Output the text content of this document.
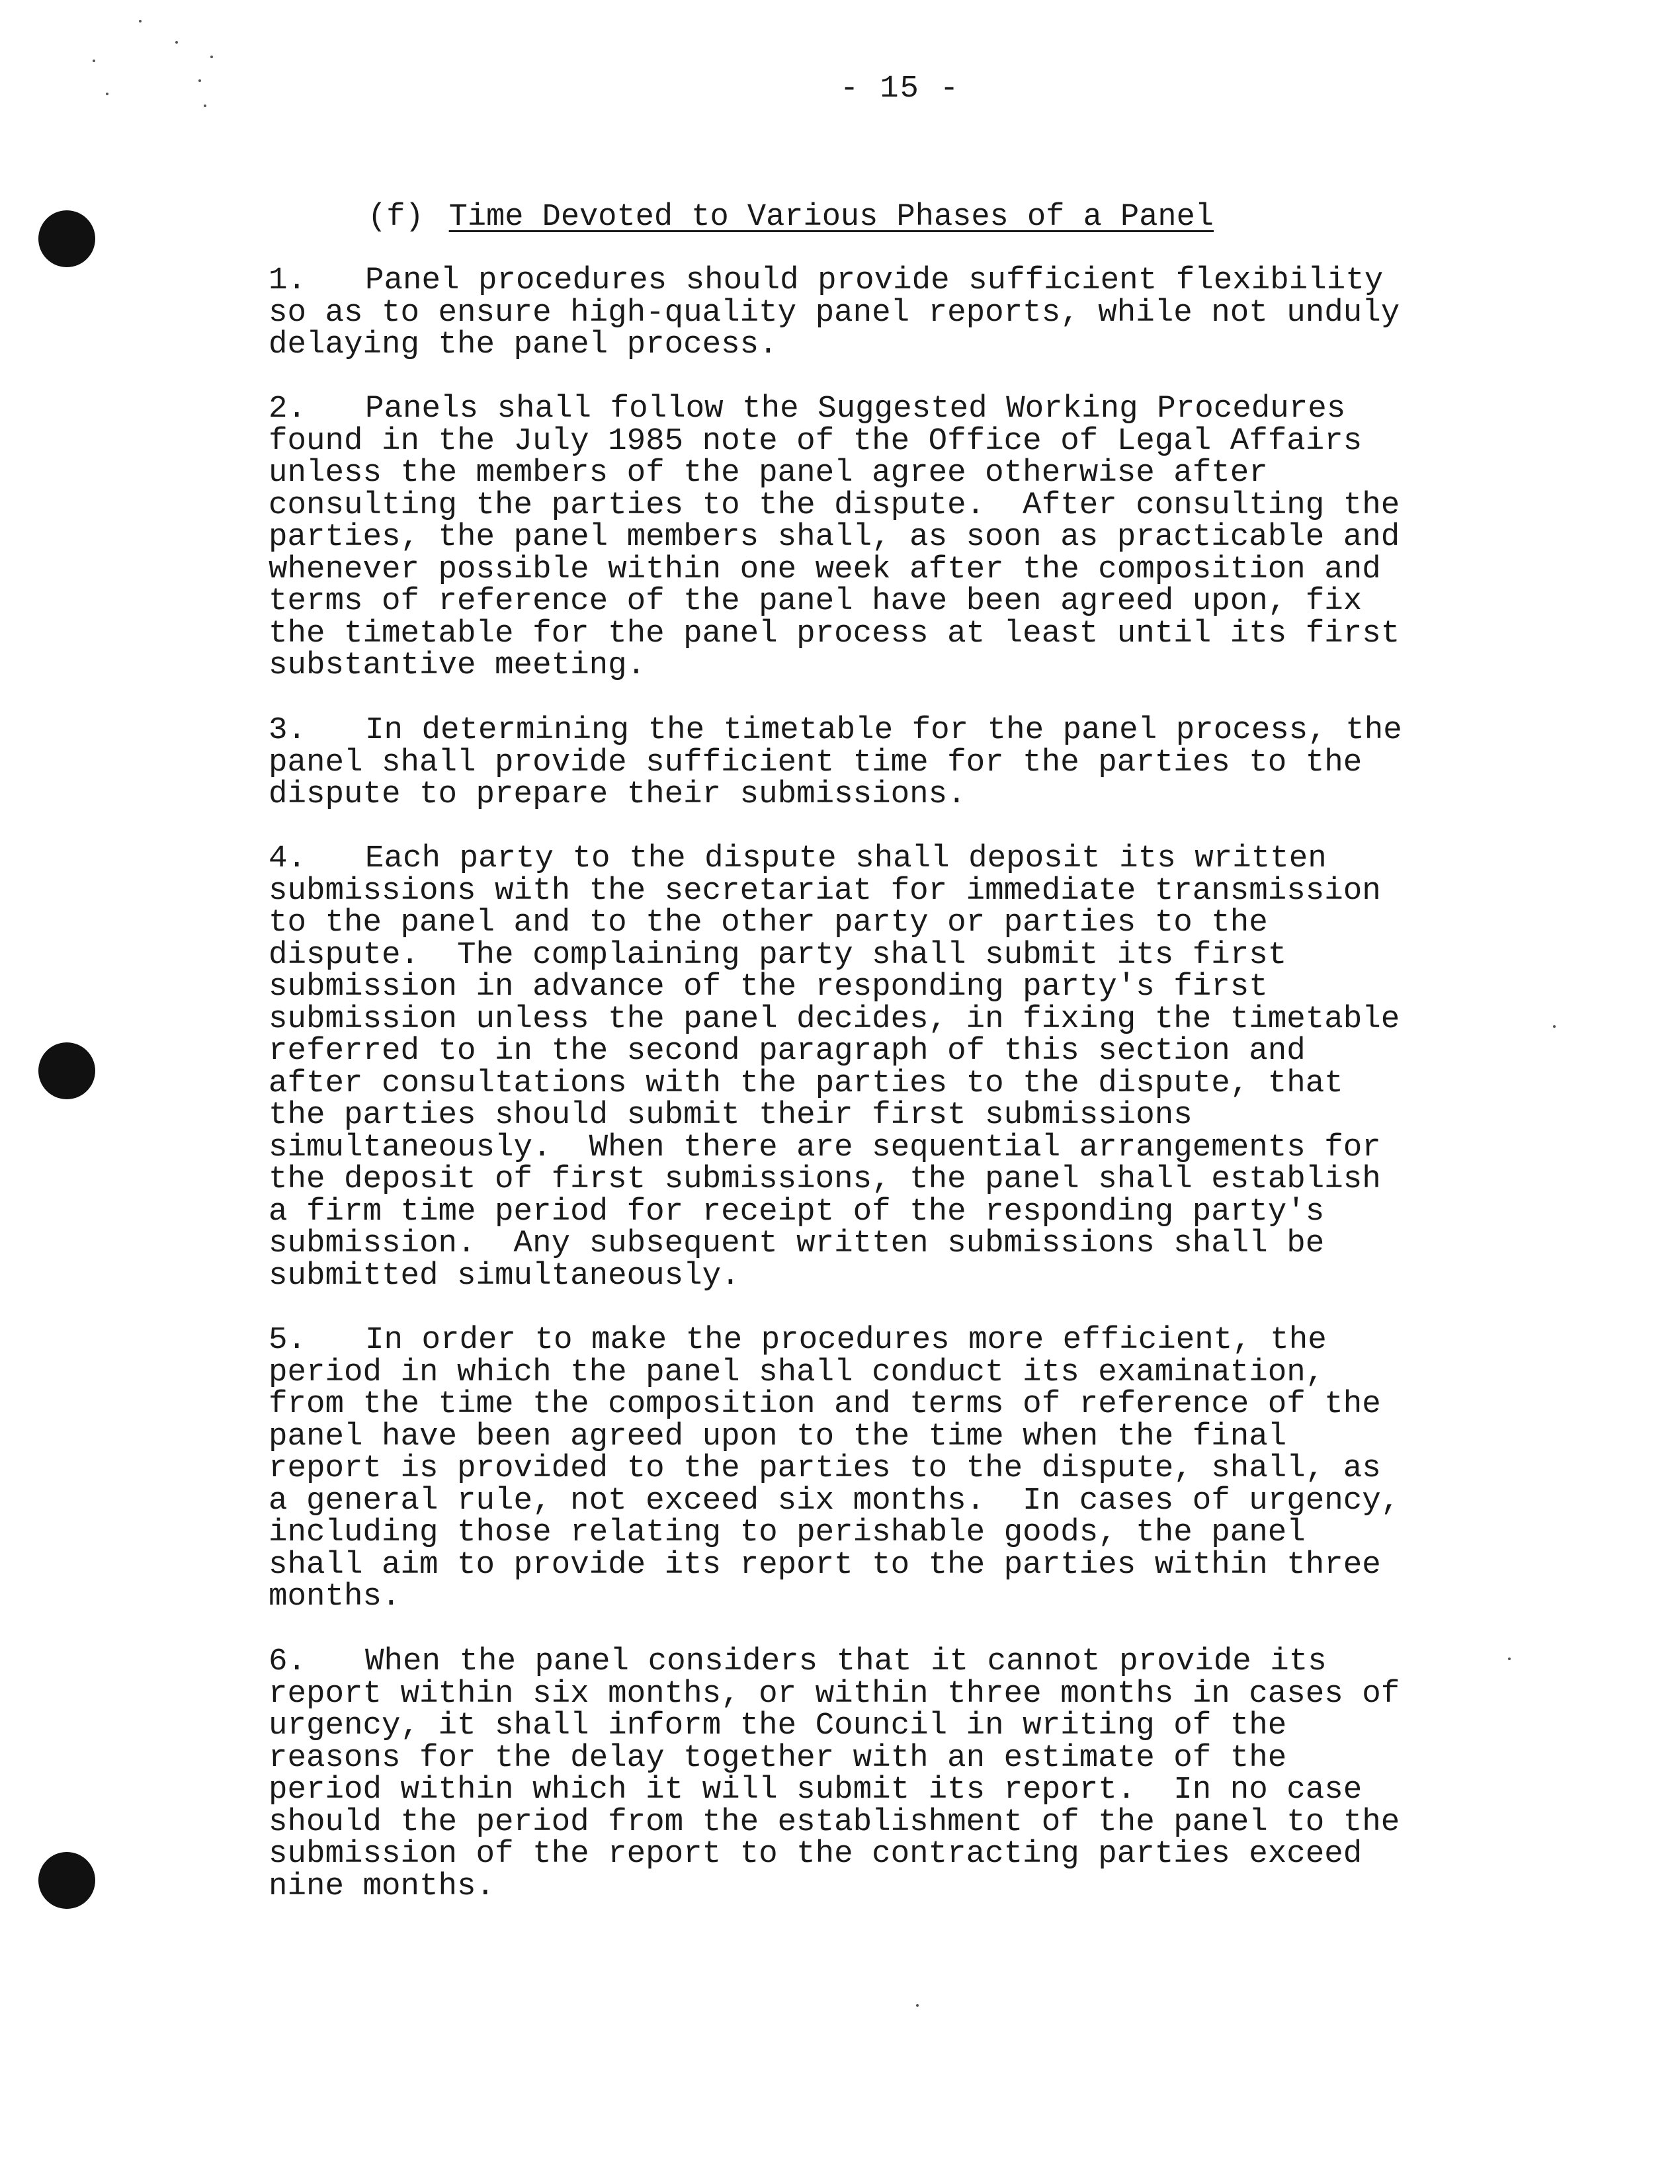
- 15 -
(f) Time Devoted to Various Phases of a Panel
1. Panel procedures should provide sufficient flexibility
so as to ensure high-quality panel reports, while not unduly
delaying the panel process.
2. Panels shall follow the Suggested Working Procedures
found in the July 1985 note of the Office of Legal Affairs
unless the members of the panel agree otherwise after
consulting the parties to the dispute.  After consulting the
parties, the panel members shall, as soon as practicable and
whenever possible within one week after the composition and
terms of reference of the panel have been agreed upon, fix
the timetable for the panel process at least until its first
substantive meeting.
3. In determining the timetable for the panel process, the
panel shall provide sufficient time for the parties to the
dispute to prepare their submissions.
4. Each party to the dispute shall deposit its written
submissions with the secretariat for immediate transmission
to the panel and to the other party or parties to the
dispute.  The complaining party shall submit its first
submission in advance of the responding party's first
submission unless the panel decides, in fixing the timetable
referred to in the second paragraph of this section and
after consultations with the parties to the dispute, that
the parties should submit their first submissions
simultaneously.  When there are sequential arrangements for
the deposit of first submissions, the panel shall establish
a firm time period for receipt of the responding party's
submission.  Any subsequent written submissions shall be
submitted simultaneously.
5. In order to make the procedures more efficient, the
period in which the panel shall conduct its examination,
from the time the composition and terms of reference of the
panel have been agreed upon to the time when the final
report is provided to the parties to the dispute, shall, as
a general rule, not exceed six months.  In cases of urgency,
including those relating to perishable goods, the panel
shall aim to provide its report to the parties within three
months.
6. When the panel considers that it cannot provide its
report within six months, or within three months in cases of
urgency, it shall inform the Council in writing of the
reasons for the delay together with an estimate of the
period within which it will submit its report.  In no case
should the period from the establishment of the panel to the
submission of the report to the contracting parties exceed
nine months.
